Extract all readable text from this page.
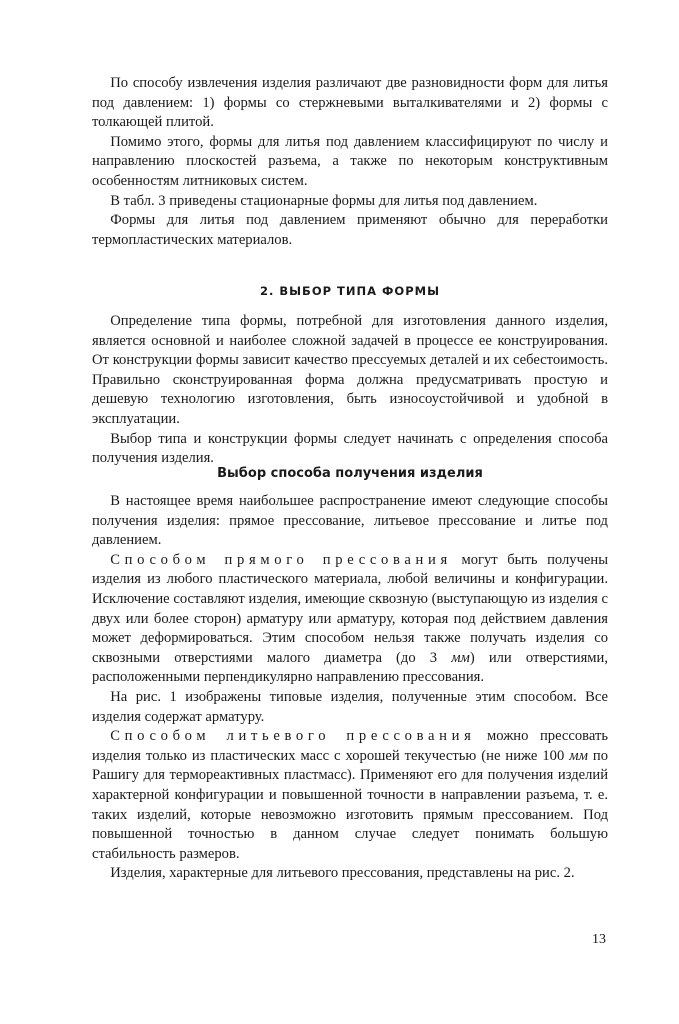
По способу извлечения изделия различают две разновидности форм для литья под давлением: 1) формы со стержневыми выталкивателями и 2) формы с толкающей плитой.

Помимо этого, формы для литья под давлением классифицируют по числу и направлению плоскостей разъема, а также по некоторым конструктивным особенностям литниковых систем.

В табл. 3 приведены стационарные формы для литья под давлением.

Формы для литья под давлением применяют обычно для переработки термопластических материалов.

2. ВЫБОР ТИПА ФОРМЫ

Определение типа формы, потребной для изготовления данного изделия, является основной и наиболее сложной задачей в процессе ее конструирования. От конструкции формы зависит качество прессуемых деталей и их себестоимость. Правильно сконструированная форма должна предусматривать простую и дешевую технологию изготовления, быть износоустойчивой и удобной в эксплуатации.

Выбор типа и конструкции формы следует начинать с определения способа получения изделия.

Выбор способа получения изделия

В настоящее время наибольшее распространение имеют следующие способы получения изделия: прямое прессование, литьевое прессование и литье под давлением.

Способом прямого прессования могут быть получены изделия из любого пластического материала, любой величины и конфигурации. Исключение составляют изделия, имеющие сквозную (выступающую из изделия с двух или более сторон) арматуру или арматуру, которая под действием давления может деформироваться. Этим способом нельзя также получать изделия со сквозными отверстиями малого диаметра (до 3 мм) или отверстиями, расположенными перпендикулярно направлению прессования.

На рис. 1 изображены типовые изделия, полученные этим способом. Все изделия содержат арматуру.

Способом литьевого прессования можно прессовать изделия только из пластических масс с хорошей текучестью (не ниже 100 мм по Рашигу для термореактивных пластмасс). Применяют его для получения изделий характерной конфигурации и повышенной точности в направлении разъема, т. е. таких изделий, которые невозможно изготовить прямым прессованием. Под повышенной точностью в данном случае следует понимать большую стабильность размеров.

Изделия, характерные для литьевого прессования, представлены на рис. 2.

13
